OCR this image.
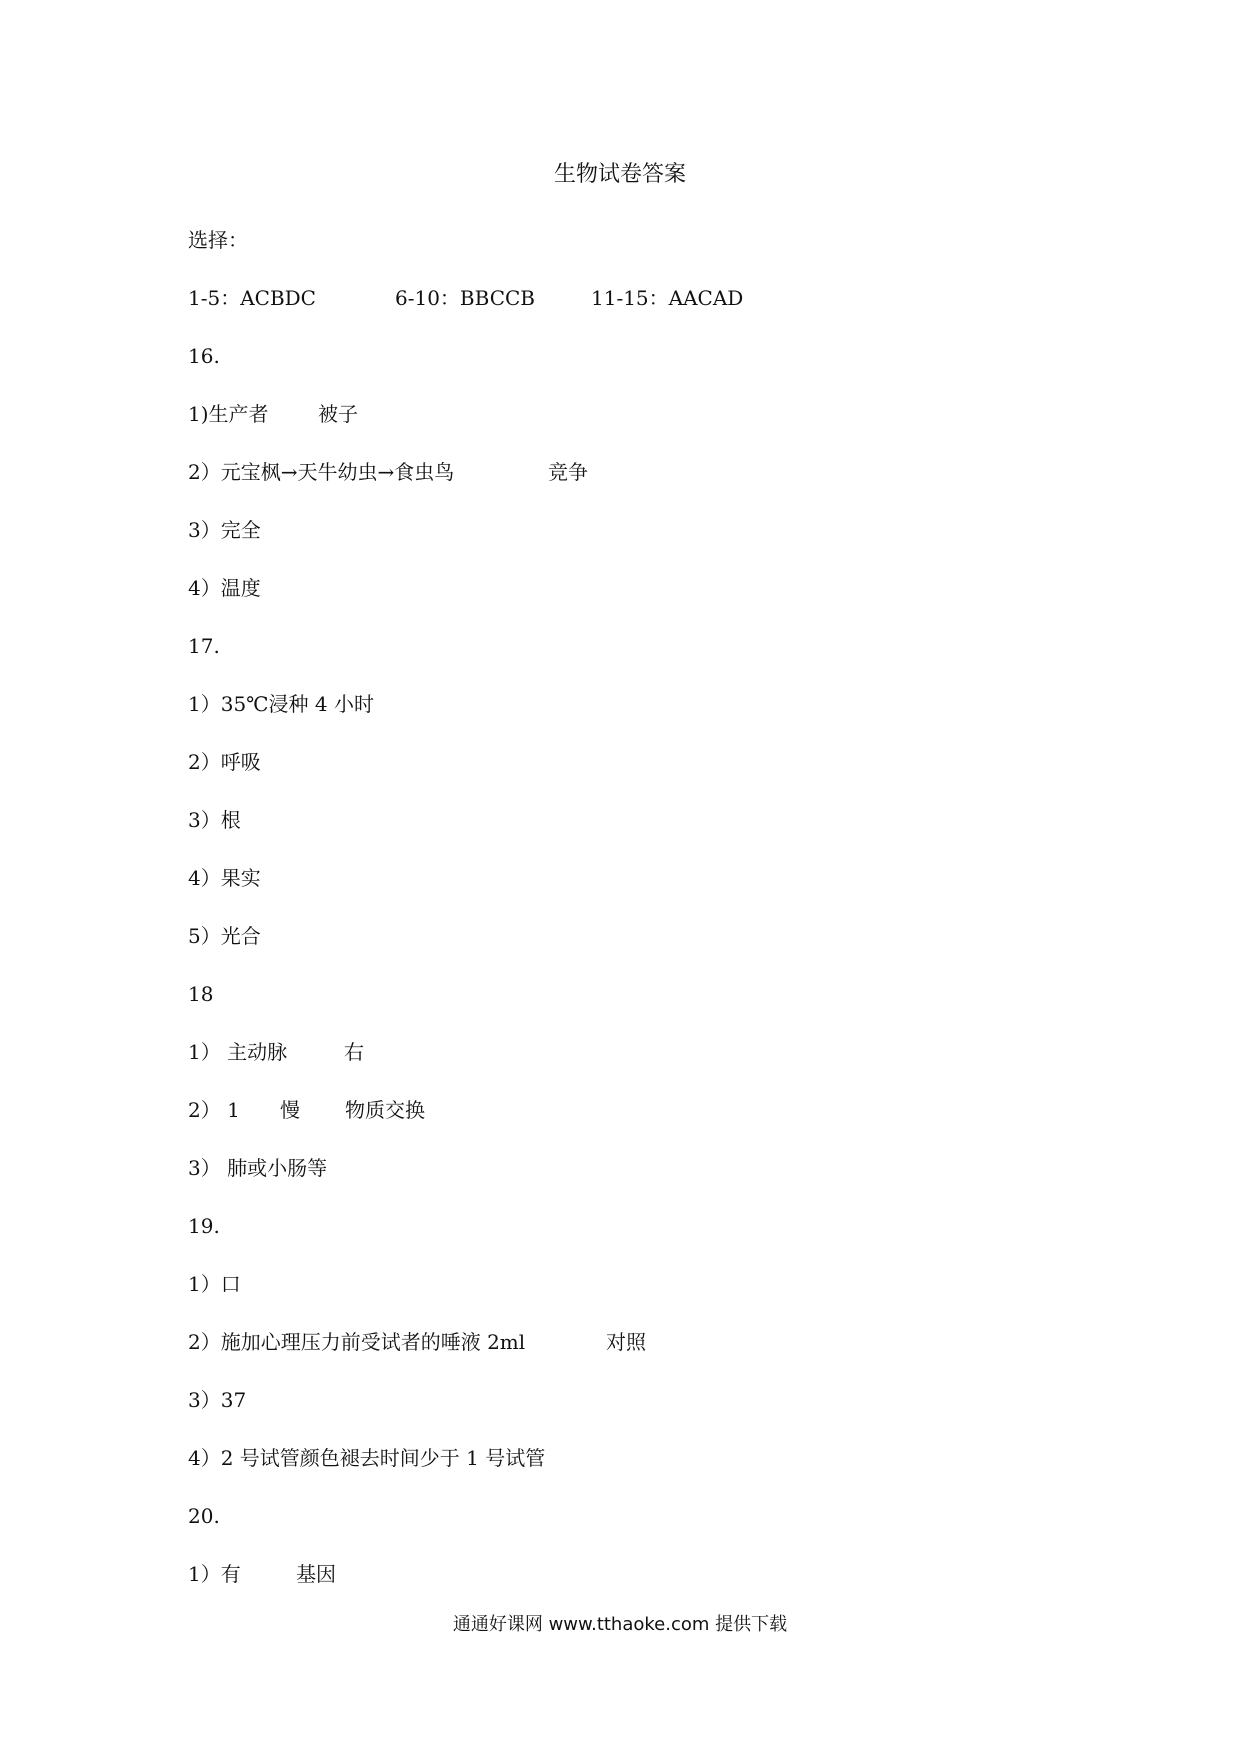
生物试卷答案
选择：
1-5：ACBDC	6-10：BBCCB	11-15：AACAD
16.
1)生产者 被子
2）元宝枫→天牛幼虫→食虫鸟	竞争
3）完全
4）温度
17.
1）35℃浸种 4 小时
2）呼吸
3）根
4）果实
5）光合
18
1） 主动脉	右
2） 1 慢 物质交换
3） 肺或小肠等
19.
1）口
2）施加心理压力前受试者的唾液 2ml	对照
3）37
4）2 号试管颜色褪去时间少于 1 号试管
20.
1）有	基因
通通好课网 www.tthaoke.com 提供下载
